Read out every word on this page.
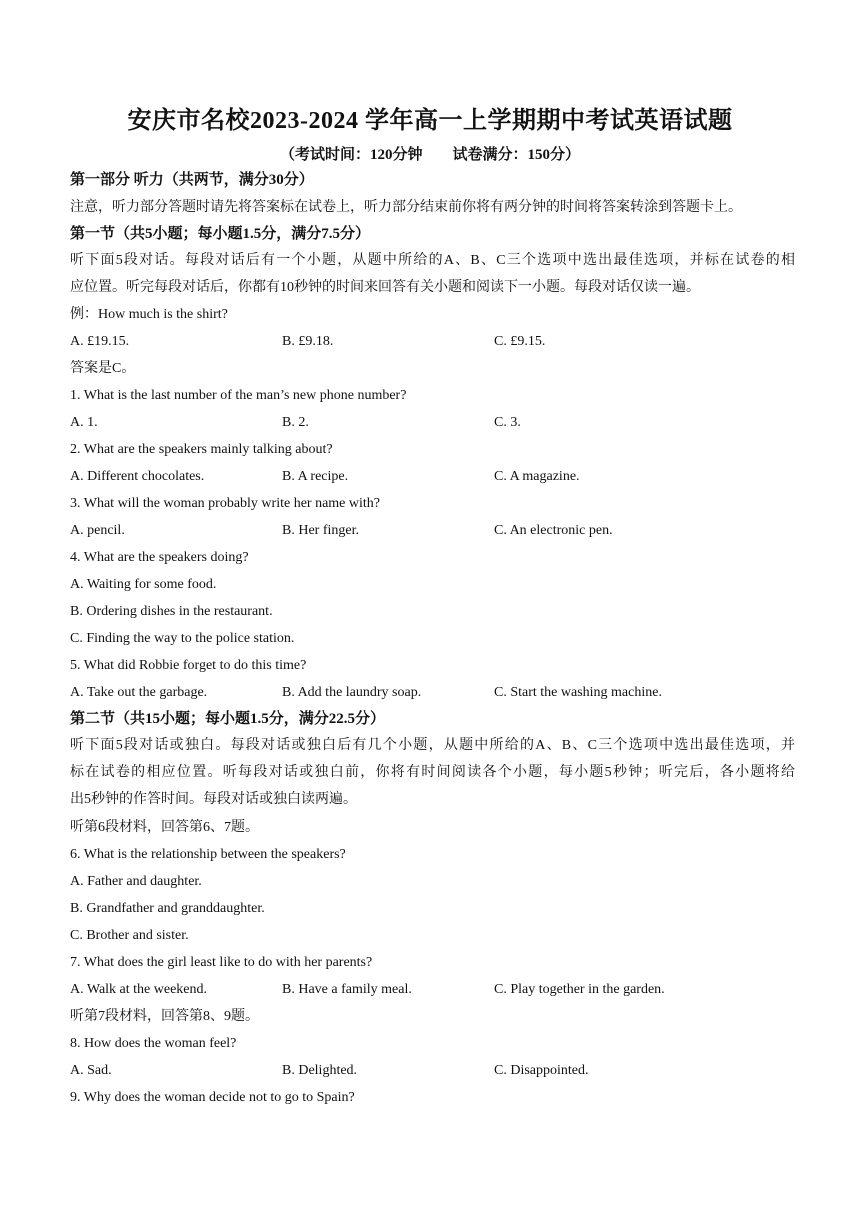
安庆市名校2023-2024 学年高一上学期期中考试英语试题
（考试时间：120分钟        试卷满分：150分）
第一部分 听力（共两节，满分30分）
注意，听力部分答题时请先将答案标在试卷上，听力部分结束前你将有两分钟的时间将答案转涂到答题卡上。
第一节（共5小题；每小题1.5分，满分7.5分）
听下面5段对话。每段对话后有一个小题，从题中所给的A、B、C三个选项中选出最佳选项，并标在试卷的相
应位置。听完每段对话后，你都有10秒钟的时间来回答有关小题和阅读下一小题。每段对话仅读一遍。
例：How much is the shirt?
A. £19.15.	B. £9.18.	C. £9.15.
答案是C。
1. What is the last number of the man’s new phone number?
A. 1.	B. 2.	C. 3.
2. What are the speakers mainly talking about?
A. Different chocolates.	B. A recipe.	C. A magazine.
3. What will the woman probably write her name with?
A. pencil.	B. Her finger.	C. An electronic pen.
4. What are the speakers doing?
A. Waiting for some food.
B. Ordering dishes in the restaurant.
C. Finding the way to the police station.
5. What did Robbie forget to do this time?
A. Take out the garbage.	B. Add the laundry soap.	C. Start the washing machine.
第二节（共15小题；每小题1.5分，满分22.5分）
听下面5段对话或独白。每段对话或独白后有几个小题，从题中所给的A、B、C三个选项中选出最佳选项，并
标在试卷的相应位置。听每段对话或独白前，你将有时间阅读各个小题，每小题5秒钟；听完后，各小题将给
出5秒钟的作答时间。每段对话或独白读两遍。
听第6段材料，回答第6、7题。
6. What is the relationship between the speakers?
A. Father and daughter.
B. Grandfather and granddaughter.
C. Brother and sister.
7. What does the girl least like to do with her parents?
A. Walk at the weekend.	B. Have a family meal.	C. Play together in the garden.
听第7段材料，回答第8、9题。
8. How does the woman feel?
A. Sad.	B. Delighted.	C. Disappointed.
9. Why does the woman decide not to go to Spain?
